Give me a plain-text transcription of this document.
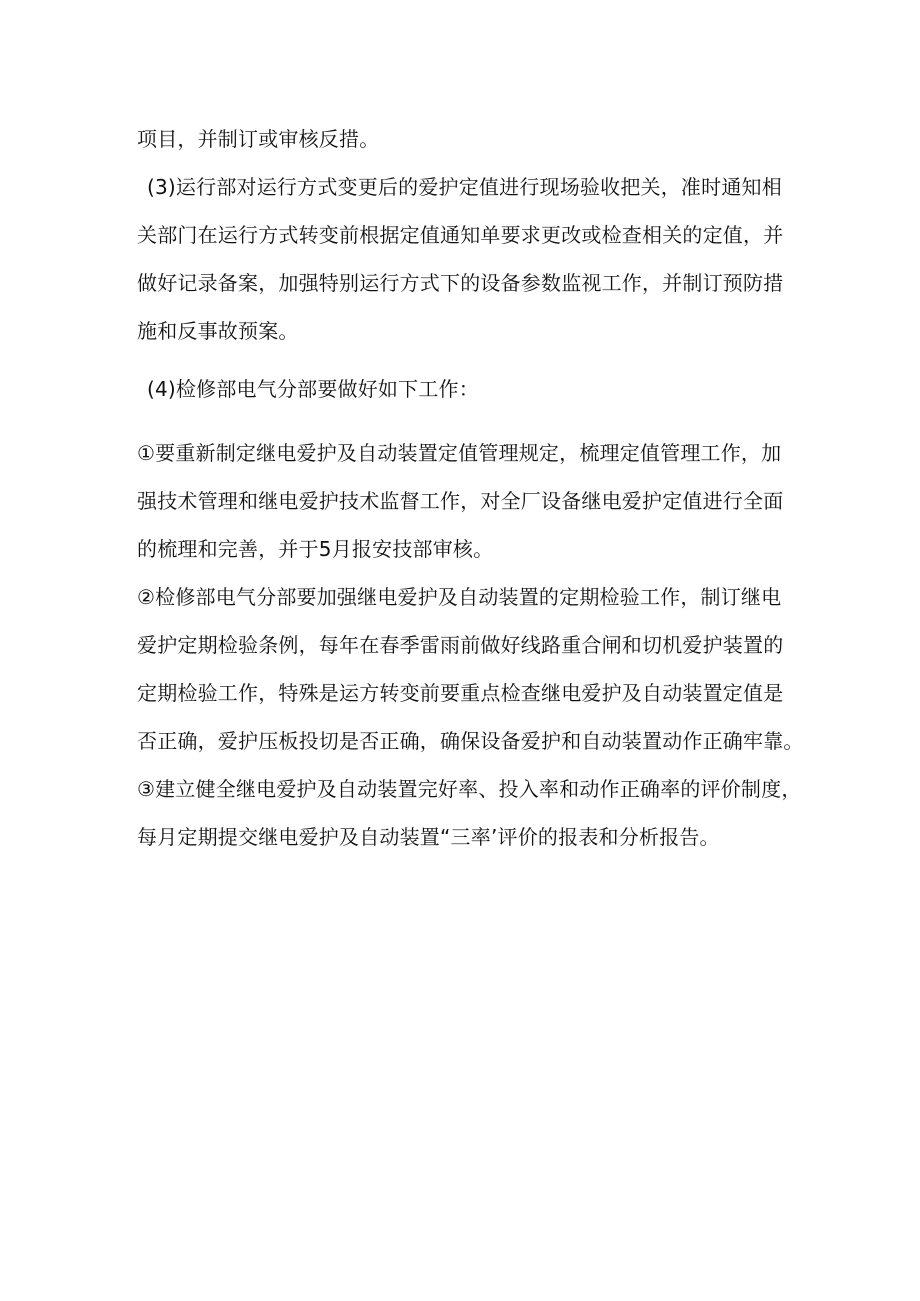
项目，并制订或审核反措。
(3)运行部对运行方式变更后的爱护定值进行现场验收把关，准时通知相
关部门在运行方式转变前根据定值通知单要求更改或检查相关的定值，并
做好记录备案，加强特别运行方式下的设备参数监视工作，并制订预防措
施和反事故预案。
(4)检修部电气分部要做好如下工作：
①要重新制定继电爱护及自动装置定值管理规定，梳理定值管理工作，加
强技术管理和继电爱护技术监督工作，对全厂设备继电爱护定值进行全面
的梳理和完善，并于5月报安技部审核。
②检修部电气分部要加强继电爱护及自动装置的定期检验工作，制订继电
爱护定期检验条例，每年在春季雷雨前做好线路重合闸和切机爱护装置的
定期检验工作，特殊是运方转变前要重点检查继电爱护及自动装置定值是
否正确，爱护压板投切是否正确，确保设备爱护和自动装置动作正确牢靠。
③建立健全继电爱护及自动装置完好率、投入率和动作正确率的评价制度，
每月定期提交继电爱护及自动装置“三率’评价的报表和分析报告。
